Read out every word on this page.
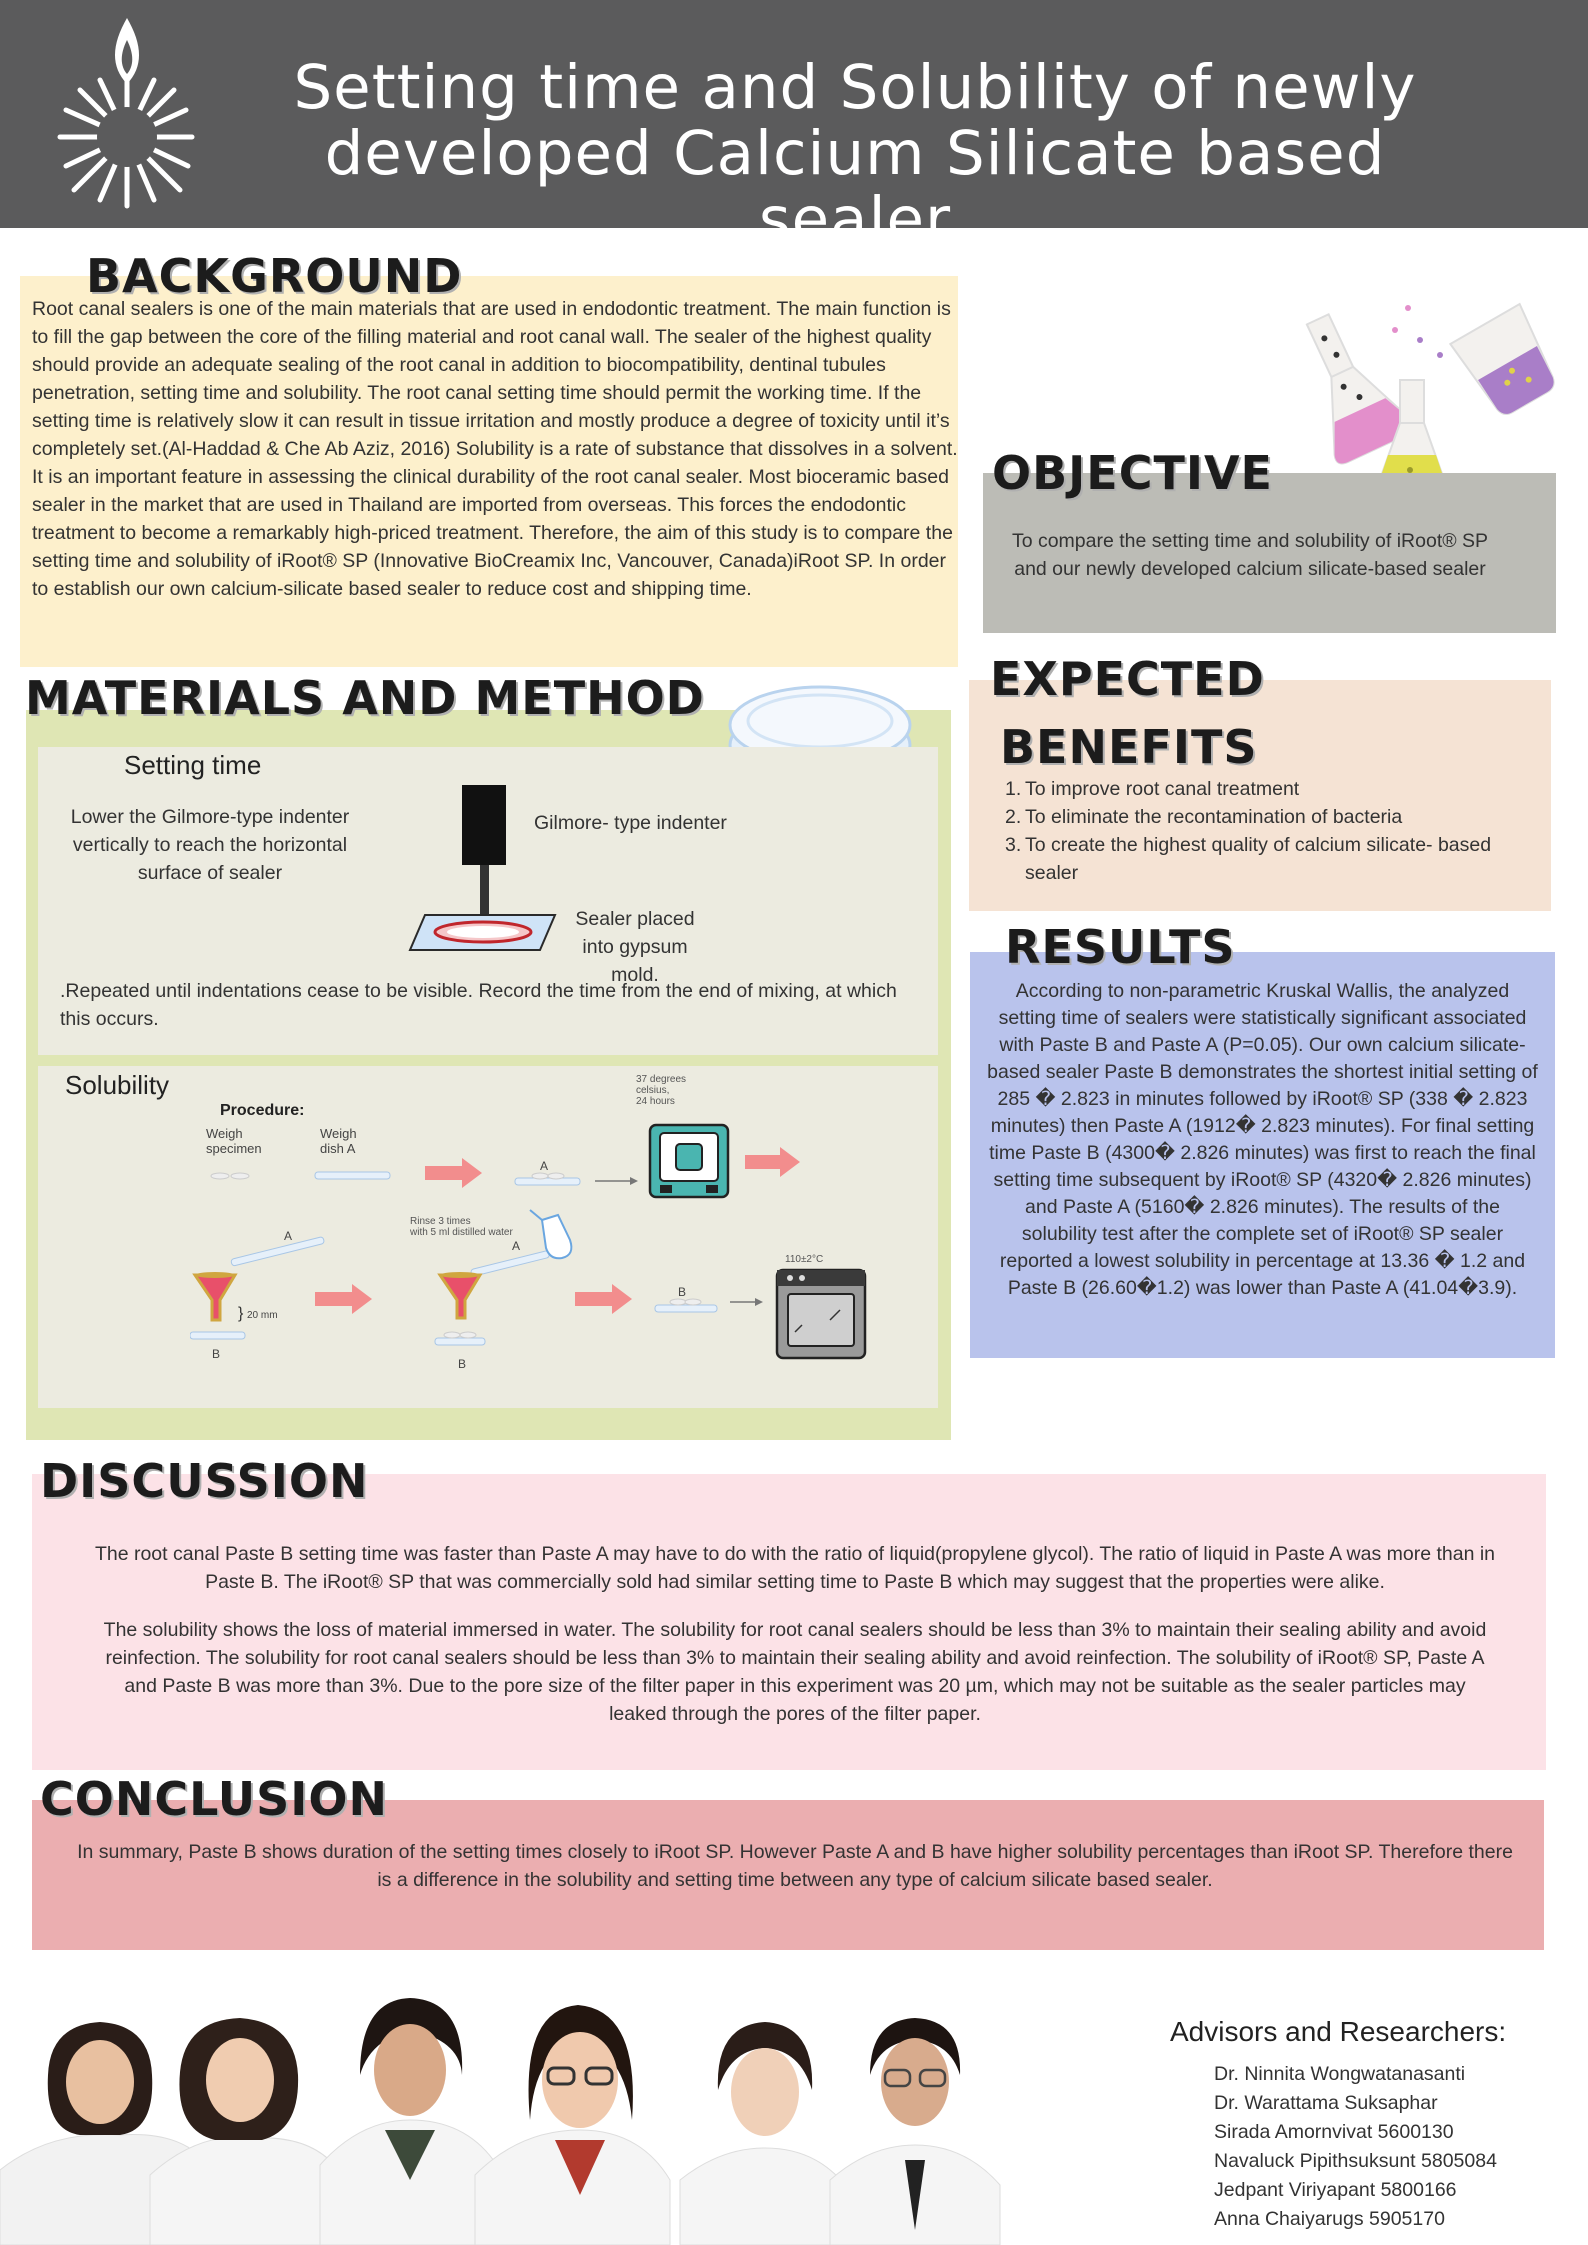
Setting time and Solubility of newly
developed Calcium Silicate based sealer
BACKGROUND
Root canal sealers is one of the main materials that are used in endodontic treatment. The main function is to fill the gap between the core of the filling material and root canal wall. The sealer of the highest quality should provide an adequate sealing of the root canal in addition to biocompatibility, dentinal tubules penetration, setting time and solubility. The root canal setting time should permit the working time. If the setting time is relatively slow it can result in tissue irritation and mostly produce a degree of toxicity until it’s completely set.(Al-Haddad & Che Ab Aziz, 2016) Solubility is a rate of substance that dissolves in a solvent. It is an important feature in assessing the clinical durability of the root canal sealer. Most bioceramic based sealer in the market that are used in Thailand are imported from overseas. This forces the endodontic treatment to become a remarkably high-priced treatment. Therefore, the aim of this study is to compare the setting time and solubility of iRoot® SP (Innovative BioCreamix Inc, Vancouver, Canada)iRoot SP. In order to establish our own calcium-silicate based sealer to reduce cost and shipping time.
OBJECTIVE
To compare the setting time and solubility of iRoot® SP and our newly developed calcium silicate-based sealer
EXPECTED
BENEFITS
1. To improve root canal treatment
2. To eliminate the recontamination of bacteria
3. To create the highest quality of calcium silicate- based sealer
RESULTS
According to non-parametric Kruskal Wallis, the analyzed setting time of sealers were statistically significant associated with Paste B and Paste A (P=0.05). Our own calcium silicate-based sealer Paste B demonstrates the shortest initial setting of 285 � 2.823 in minutes followed by iRoot® SP (338 � 2.823 minutes) then Paste A (1912� 2.823 minutes). For final setting time Paste B (4300� 2.826 minutes) was first to reach the final setting time subsequent by iRoot® SP (4320� 2.826 minutes) and Paste A (5160� 2.826 minutes). The results of the solubility test after the complete set of iRoot® SP sealer reported a lowest solubility in percentage at 13.36 � 1.2 and Paste B (26.60�1.2) was lower than Paste A (41.04�3.9).
MATERIALS AND METHOD
Setting time
Lower the Gilmore-type indenter vertically to reach the horizontal surface of sealer
Gilmore- type indenter
Sealer placed into gypsum mold.
.Repeated until indentations cease to be visible. Record the time from the end of mixing, at which this occurs.
Solubility
Procedure:
Weigh specimen
Weigh dish A
A
37 degrees celsius, 24 hours
A
} 20 mm
B
Rinse 3 times with 5 ml distilled water
A
B
B
110±2°C
DISCUSSION
The root canal Paste B setting time was faster than Paste A may have to do with the ratio of liquid(propylene glycol). The ratio of liquid in Paste A was more than in Paste B. The iRoot® SP that was commercially sold had similar setting time to Paste B which may suggest that the properties were alike.
The solubility shows the loss of material immersed in water. The solubility for root canal sealers should be less than 3% to maintain their sealing ability and avoid reinfection. The solubility for root canal sealers should be less than 3% to maintain their sealing ability and avoid reinfection. The solubility of iRoot® SP, Paste A and Paste B was more than 3%. Due to the pore size of the filter paper in this experiment was 20 µm, which may not be suitable as the sealer particles may leaked through the pores of the filter paper.
CONCLUSION
In summary, Paste B shows duration of the setting times closely to iRoot SP. However Paste A and B have higher solubility percentages than iRoot SP. Therefore there is a difference in the solubility and setting time between any type of calcium silicate based sealer.
Advisors and Researchers:
Dr. Ninnita Wongwatanasanti
Dr. Warattama Suksaphar
Sirada Amornvivat 5600130
Navaluck Pipithsuksunt 5805084
Jedpant Viriyapant 5800166
Anna Chaiyarugs 5905170
